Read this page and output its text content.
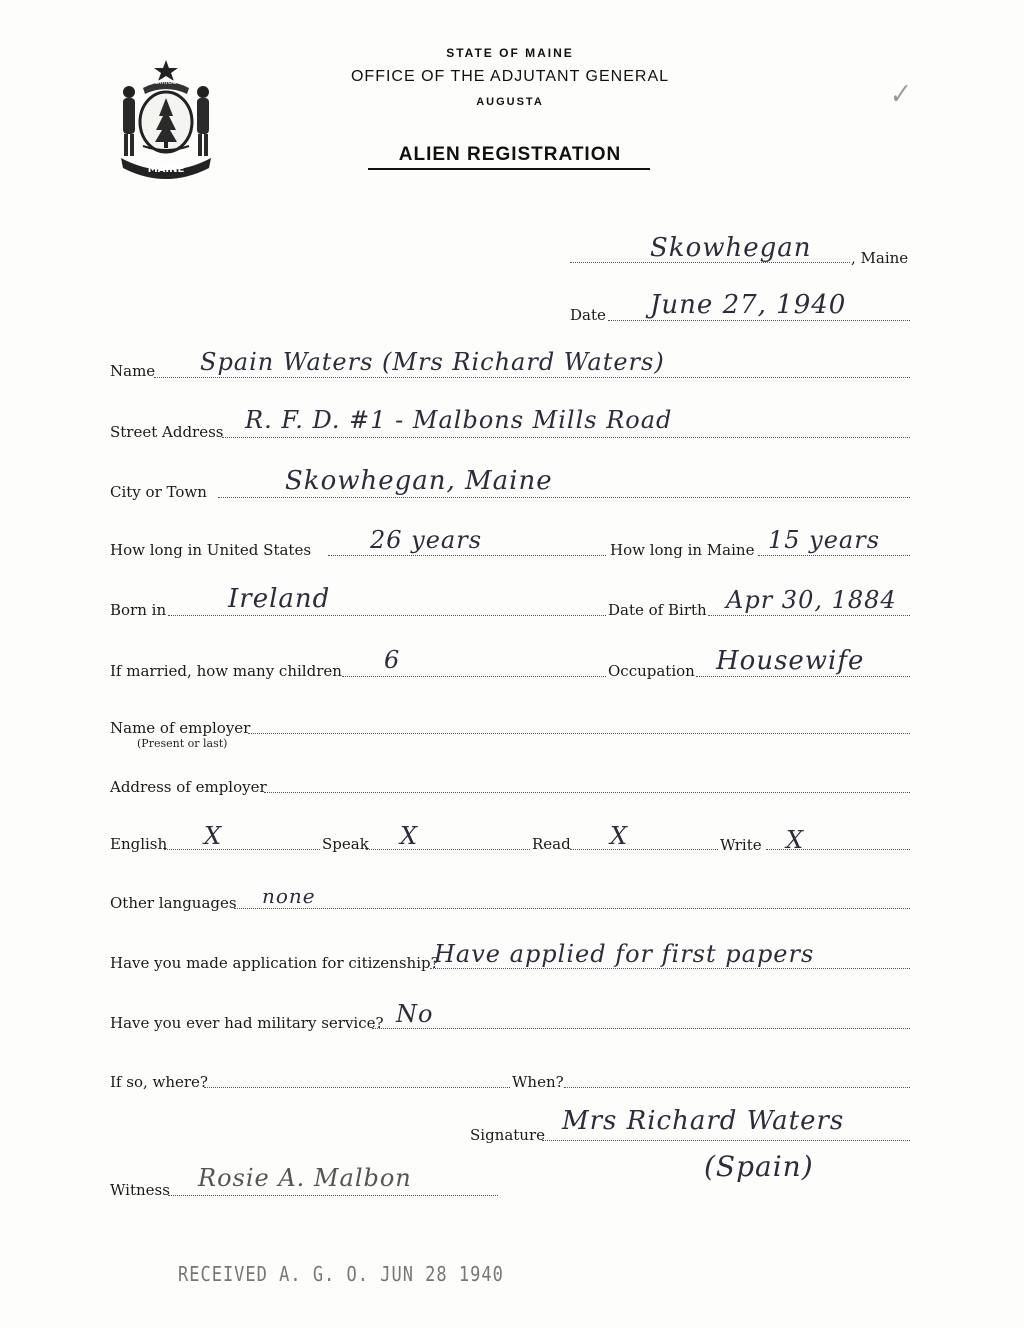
MAINE
DIRIGO
STATE OF MAINE
OFFICE OF THE ADJUTANT GENERAL
AUGUSTA
ALIEN REGISTRATION
✓
Skowhegan	, Maine
Date June 27, 1940
Name Spain Waters (Mrs Richard Waters)
Street Address R. F. D. #1 - Malbons Mills Road
City or Town	Skowhegan, Maine
How long in United States 26 years	How long in Maine 15 years
Born in Ireland	Date of Birth Apr 30, 1884
If married, how many children 6	Occupation Housewife
Name of employer
(Present or last)
Address of employer
English X	Speak X	Read X	Write X
Other languages none
Have you made application for citizenship?
Have applied for first papers
Have you ever had military service? No
If so, where?	When?
Signature Mrs Richard Waters
(Spain)
Witness Rosie A. Malbon
RECEIVED A. G. O. JUN 28 1940
